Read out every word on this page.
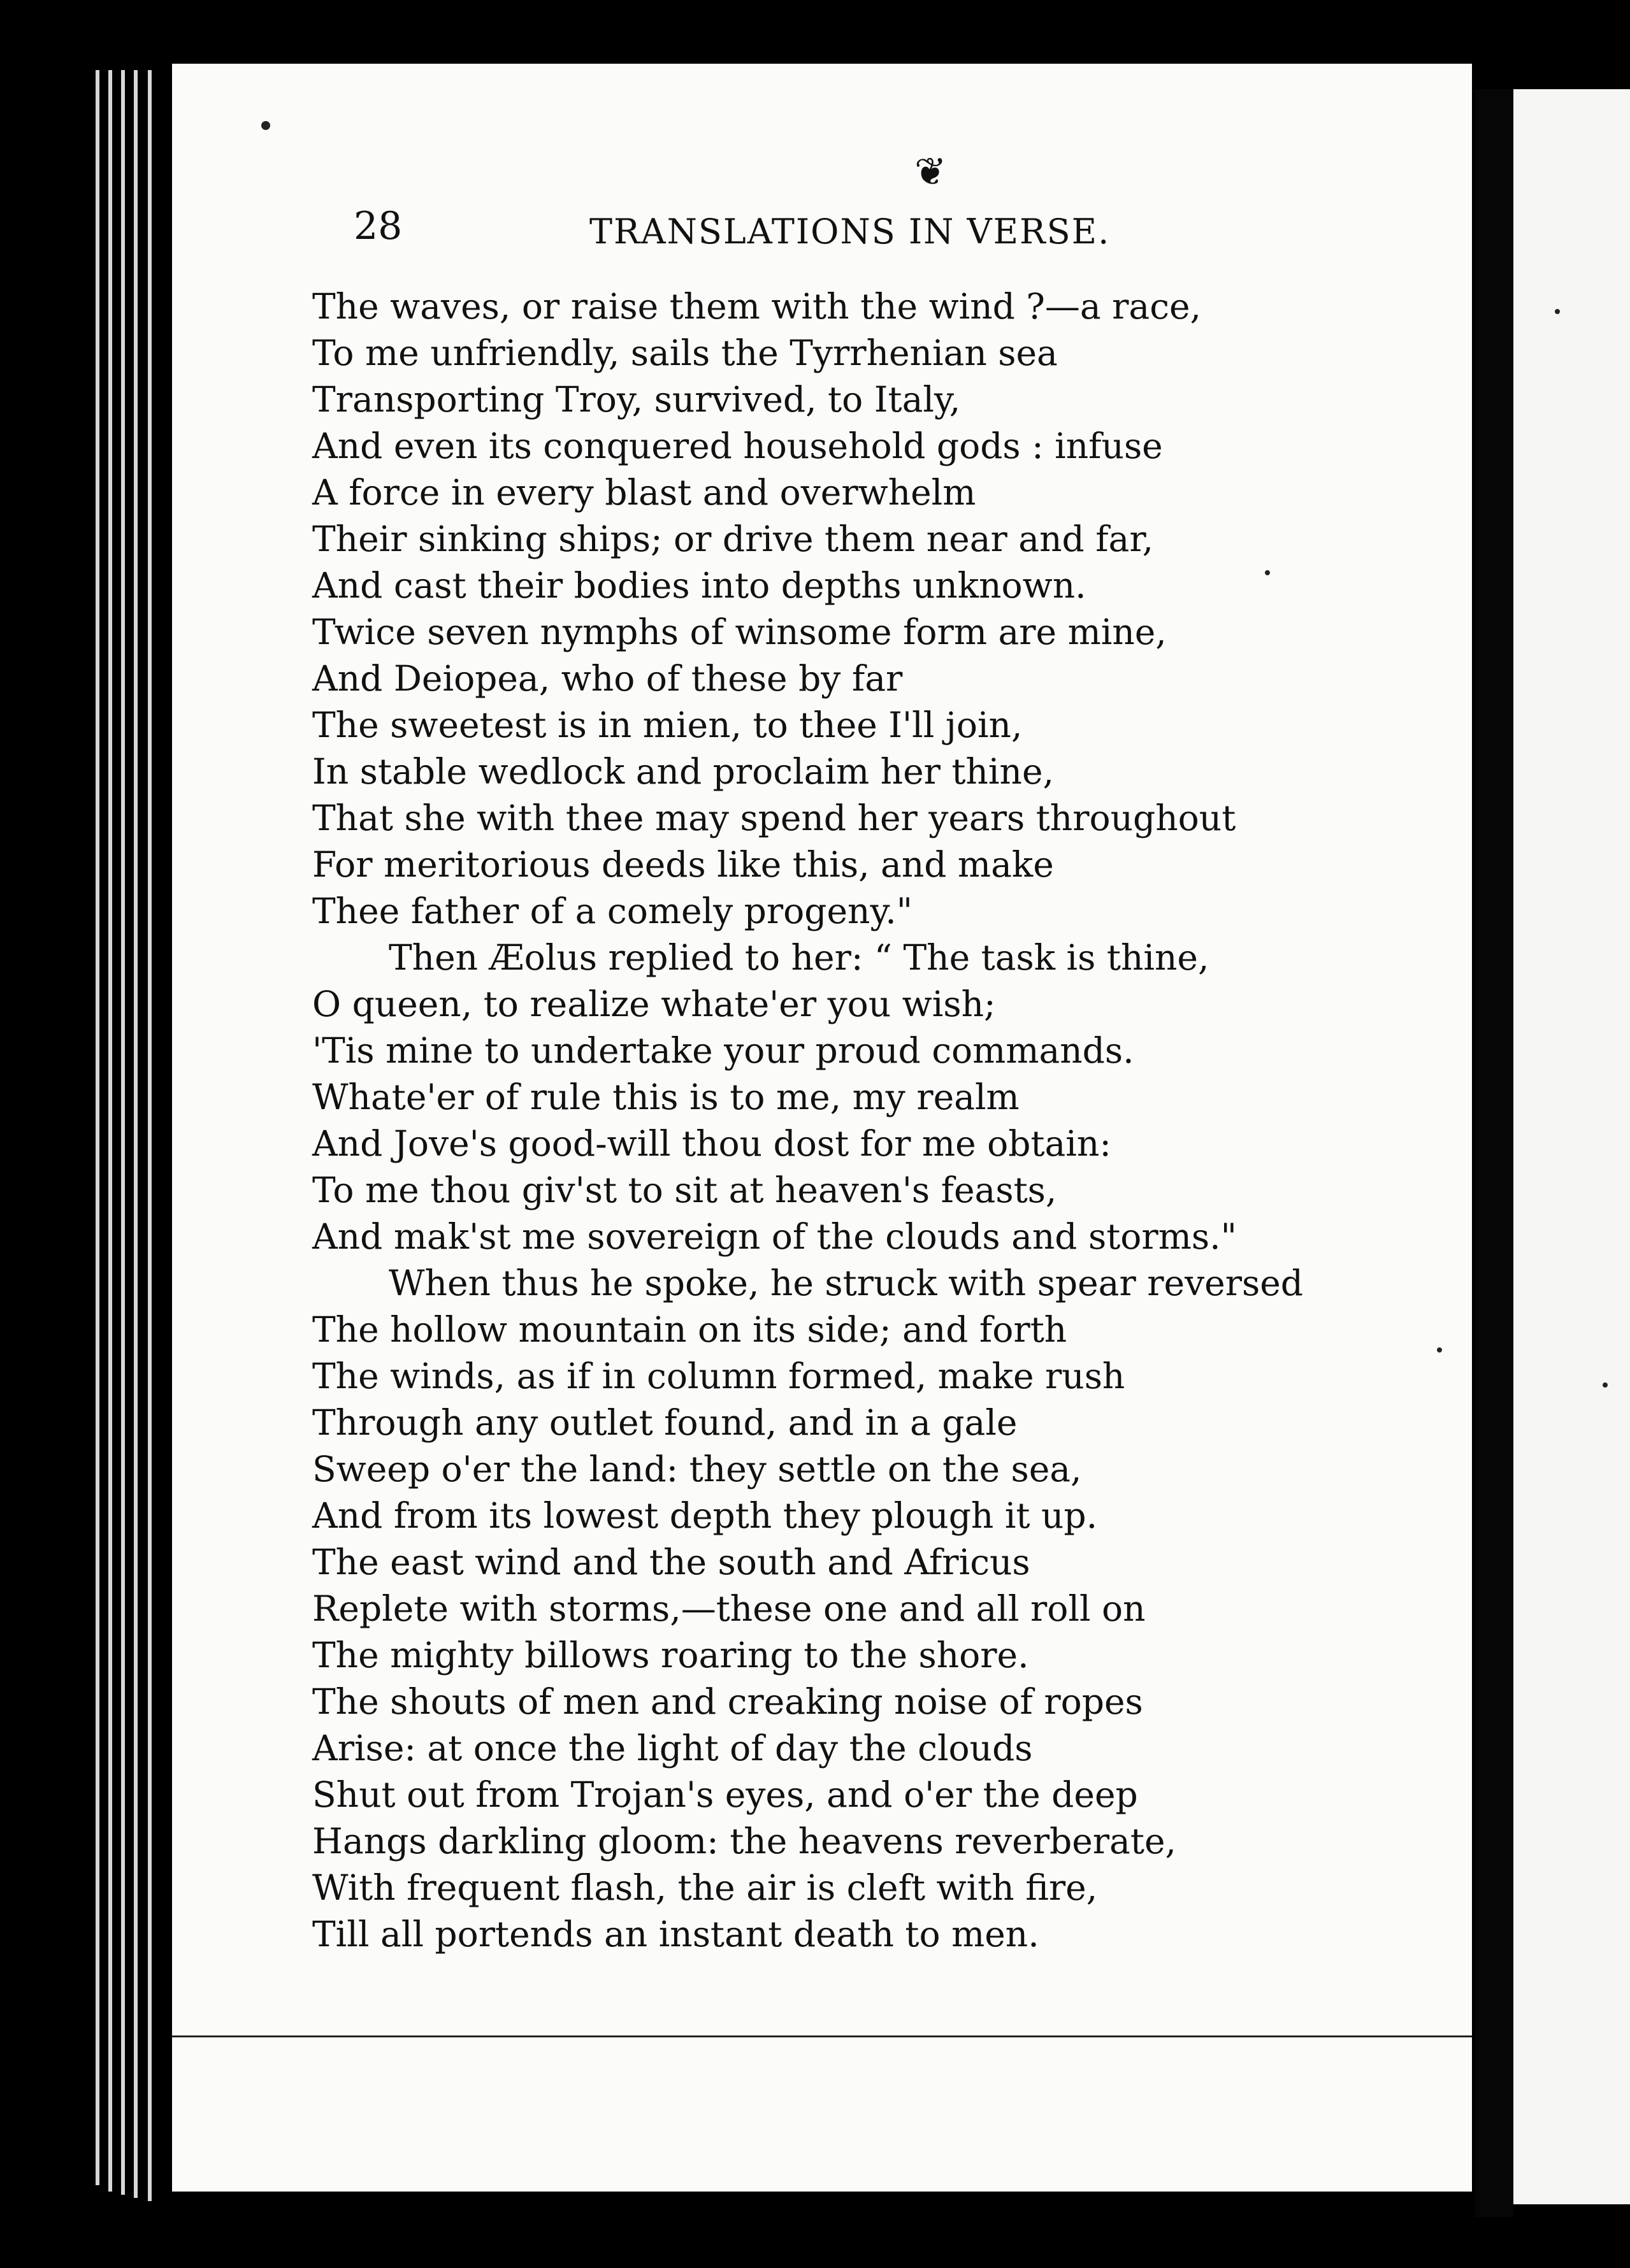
❦
28	TRANSLATIONS IN VERSE.
The waves, or raise them with the wind ?—a race,
To me unfriendly, sails the Tyrrhenian sea
Transporting Troy, survived, to Italy,
And even its conquered household gods : infuse
A force in every blast and overwhelm
Their sinking ships; or drive them near and far,
And cast their bodies into depths unknown.
Twice seven nymphs of winsome form are mine,
And Deiopea, who of these by far
The sweetest is in mien, to thee I'll join,
In stable wedlock and proclaim her thine,
That she with thee may spend her years throughout
For meritorious deeds like this, and make
Thee father of a comely progeny."
Then Æolus replied to her: “ The task is thine,
O queen, to realize whate'er you wish;
'Tis mine to undertake your proud commands.
Whate'er of rule this is to me, my realm
And Jove's good-will thou dost for me obtain:
To me thou giv'st to sit at heaven's feasts,
And mak'st me sovereign of the clouds and storms."
When thus he spoke, he struck with spear reversed
The hollow mountain on its side; and forth
The winds, as if in column formed, make rush
Through any outlet found, and in a gale
Sweep o'er the land: they settle on the sea,
And from its lowest depth they plough it up.
The east wind and the south and Africus
Replete with storms,—these one and all roll on
The mighty billows roaring to the shore.
The shouts of men and creaking noise of ropes
Arise: at once the light of day the clouds
Shut out from Trojan's eyes, and o'er the deep
Hangs darkling gloom: the heavens reverberate,
With frequent flash, the air is cleft with fire,
Till all portends an instant death to men.
